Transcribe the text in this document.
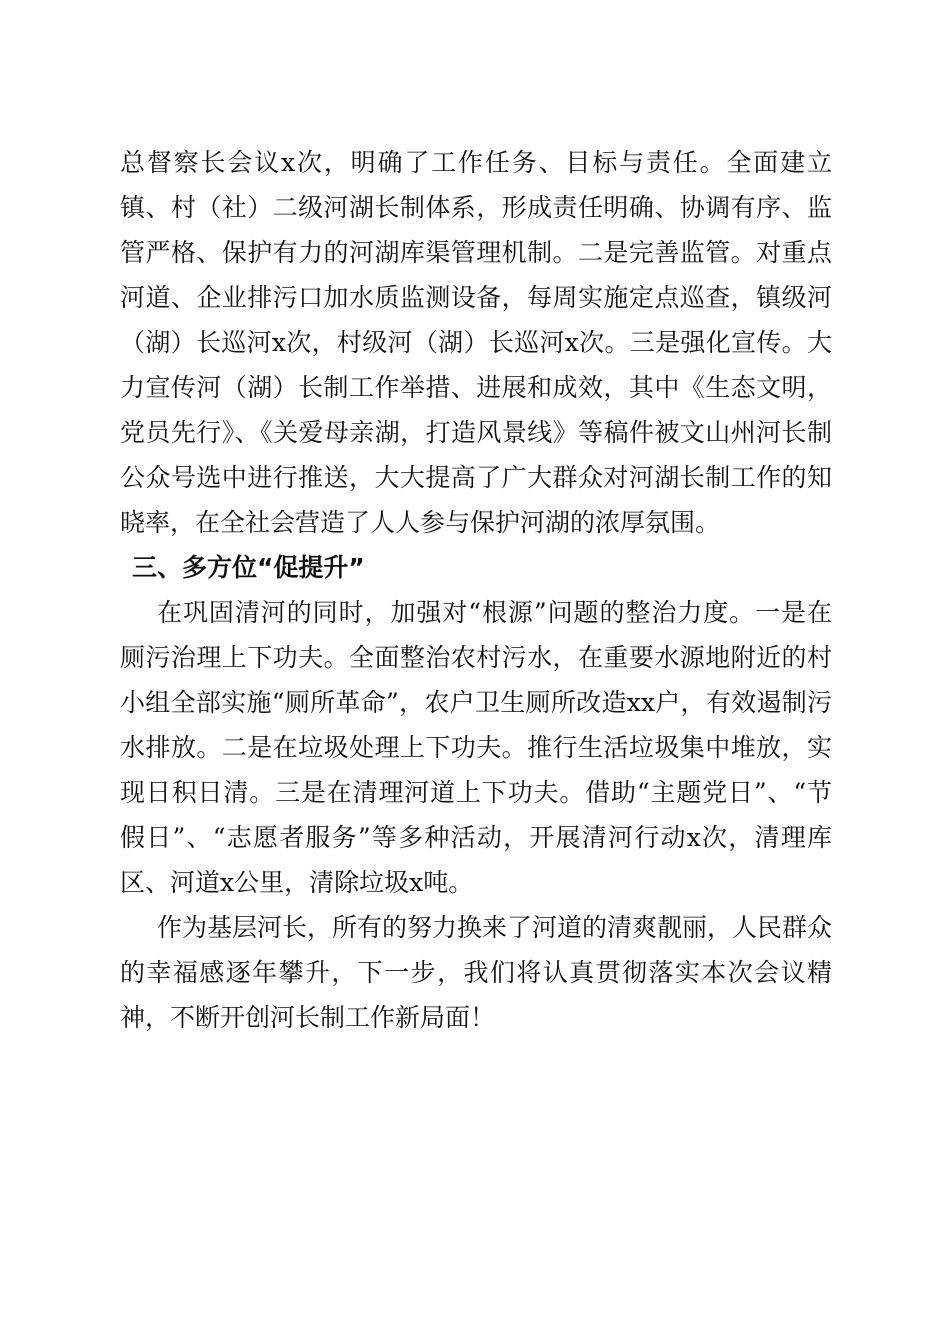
总督察长会议x次，明确了工作任务、目标与责任。全面建立镇、村（社）二级河湖长制体系，形成责任明确、协调有序、监管严格、保护有力的河湖库渠管理机制。二是完善监管。对重点河道、企业排污口加水质监测设备，每周实施定点巡查，镇级河（湖）长巡河x次，村级河（湖）长巡河x次。三是强化宣传。大力宣传河（湖）长制工作举措、进展和成效，其中《生态文明，党员先行》、《关爱母亲湖，打造风景线》等稿件被文山州河长制公众号选中进行推送，大大提高了广大群众对河湖长制工作的知晓率，在全社会营造了人人参与保护河湖的浓厚氛围。

三、多方位“促提升”

在巩固清河的同时，加强对“根源”问题的整治力度。一是在厕污治理上下功夫。全面整治农村污水，在重要水源地附近的村小组全部实施“厕所革命”，农户卫生厕所改造xx户，有效遏制污水排放。二是在垃圾处理上下功夫。推行生活垃圾集中堆放，实现日积日清。三是在清理河道上下功夫。借助“主题党日”、“节假日”、“志愿者服务”等多种活动，开展清河行动x次，清理库区、河道x公里，清除垃圾x吨。

作为基层河长，所有的努力换来了河道的清爽靓丽，人民群众的幸福感逐年攀升，下一步，我们将认真贯彻落实本次会议精神，不断开创河长制工作新局面！
